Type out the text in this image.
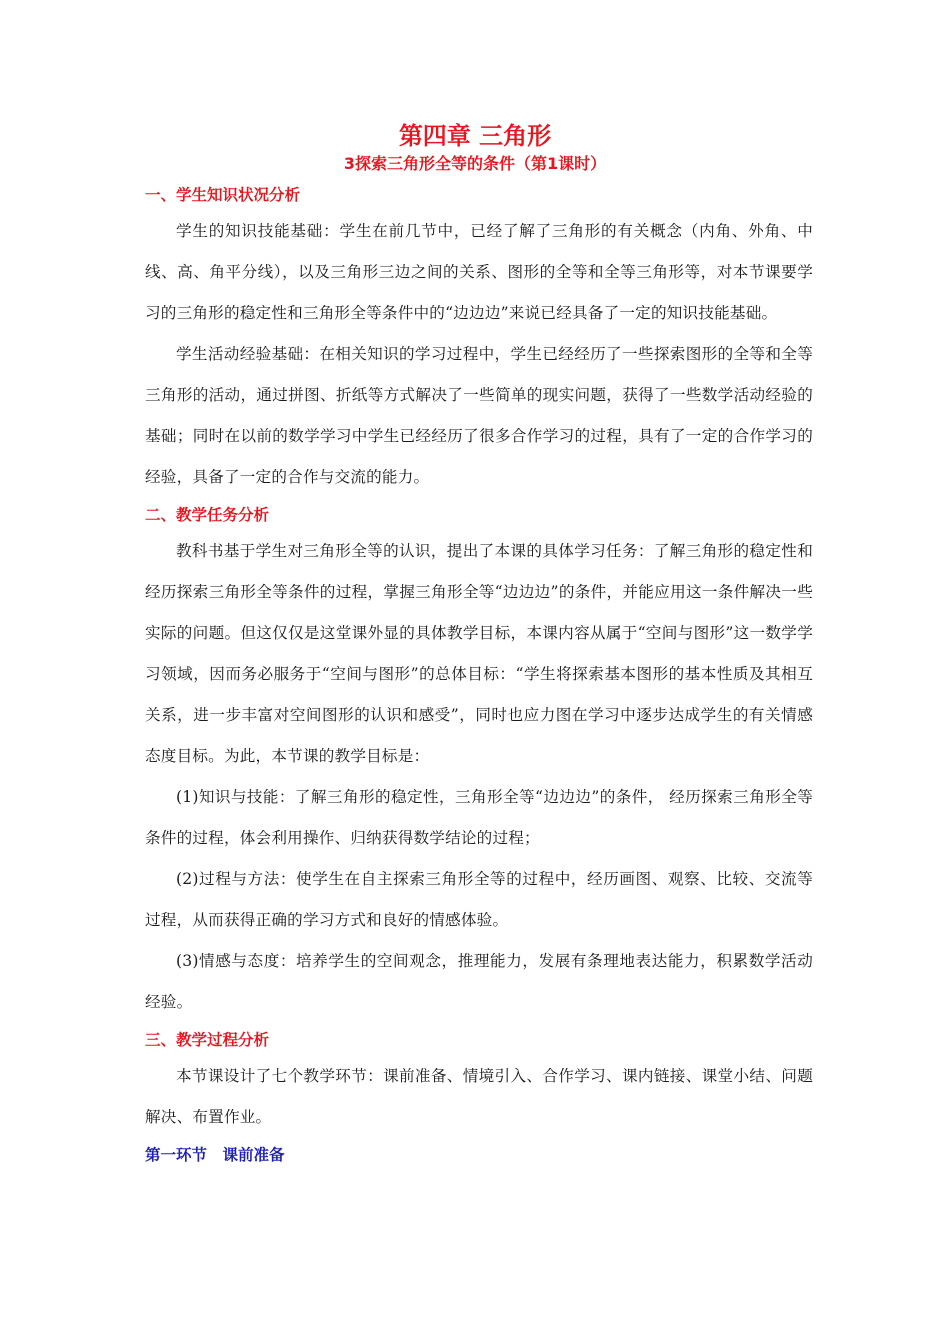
第四章 三角形
3探索三角形全等的条件（第1课时）
一、学生知识状况分析

学生的知识技能基础：学生在前几节中，已经了解了三角形的有关概念（内角、外角、中线、高、角平分线），以及三角形三边之间的关系、图形的全等和全等三角形等，对本节课要学习的三角形的稳定性和三角形全等条件中的“边边边”来说已经具备了一定的知识技能基础。

学生活动经验基础：在相关知识的学习过程中，学生已经经历了一些探索图形的全等和全等三角形的活动，通过拼图、折纸等方式解决了一些简单的现实问题，获得了一些数学活动经验的基础；同时在以前的数学学习中学生已经经历了很多合作学习的过程，具有了一定的合作学习的经验，具备了一定的合作与交流的能力。

二、教学任务分析

教科书基于学生对三角形全等的认识，提出了本课的具体学习任务：了解三角形的稳定性和经历探索三角形全等条件的过程，掌握三角形全等“边边边”的条件，并能应用这一条件解决一些实际的问题。但这仅仅是这堂课外显的具体教学目标，本课内容从属于“空间与图形”这一数学学习领域，因而务必服务于“空间与图形”的总体目标：“学生将探索基本图形的基本性质及其相互关系，进一步丰富对空间图形的认识和感受”，同时也应力图在学习中逐步达成学生的有关情感态度目标。为此，本节课的教学目标是：

(1)知识与技能：了解三角形的稳定性，三角形全等“边边边”的条件， 经历探索三角形全等条件的过程，体会利用操作、归纳获得数学结论的过程；

(2)过程与方法：使学生在自主探索三角形全等的过程中，经历画图、观察、比较、交流等过程，从而获得正确的学习方式和良好的情感体验。

(3)情感与态度：培养学生的空间观念，推理能力，发展有条理地表达能力，积累数学活动经验。

三、教学过程分析

本节课设计了七个教学环节：课前准备、情境引入、合作学习、课内链接、课堂小结、问题解决、布置作业。

第一环节　课前准备
